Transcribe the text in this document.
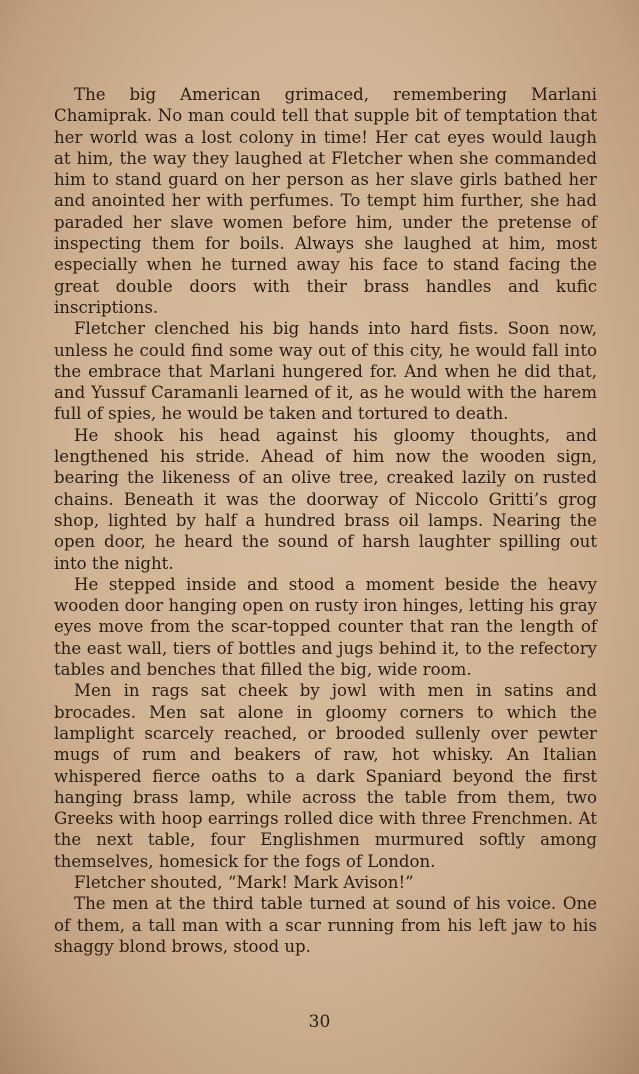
The big American grimaced, remembering Marlani Chamiprak. No man could tell that supple bit of temptation that her world was a lost colony in time! Her cat eyes would laugh at him, the way they laughed at Fletcher when she commanded him to stand guard on her person as her slave girls bathed her and anointed her with perfumes. To tempt him further, she had paraded her slave women before him, under the pretense of inspecting them for boils. Always she laughed at him, most especially when he turned away his face to stand facing the great double doors with their brass handles and kufic inscriptions.

Fletcher clenched his big hands into hard fists. Soon now, unless he could find some way out of this city, he would fall into the embrace that Marlani hungered for. And when he did that, and Yussuf Caramanli learned of it, as he would with the harem full of spies, he would be taken and tortured to death.

He shook his head against his gloomy thoughts, and lengthened his stride. Ahead of him now the wooden sign, bearing the likeness of an olive tree, creaked lazily on rusted chains. Beneath it was the doorway of Niccolo Gritti’s grog shop, lighted by half a hundred brass oil lamps. Nearing the open door, he heard the sound of harsh laughter spilling out into the night.

He stepped inside and stood a moment beside the heavy wooden door hanging open on rusty iron hinges, letting his gray eyes move from the scar-topped counter that ran the length of the east wall, tiers of bottles and jugs behind it, to the refectory tables and benches that filled the big, wide room.

Men in rags sat cheek by jowl with men in satins and brocades. Men sat alone in gloomy corners to which the lamplight scarcely reached, or brooded sullenly over pewter mugs of rum and beakers of raw, hot whisky. An Italian whispered fierce oaths to a dark Spaniard beyond the first hanging brass lamp, while across the table from them, two Greeks with hoop earrings rolled dice with three Frenchmen. At the next table, four Englishmen murmured softly among themselves, homesick for the fogs of London.

Fletcher shouted, “Mark! Mark Avison!”

The men at the third table turned at sound of his voice. One of them, a tall man with a scar running from his left jaw to his shaggy blond brows, stood up.

30
